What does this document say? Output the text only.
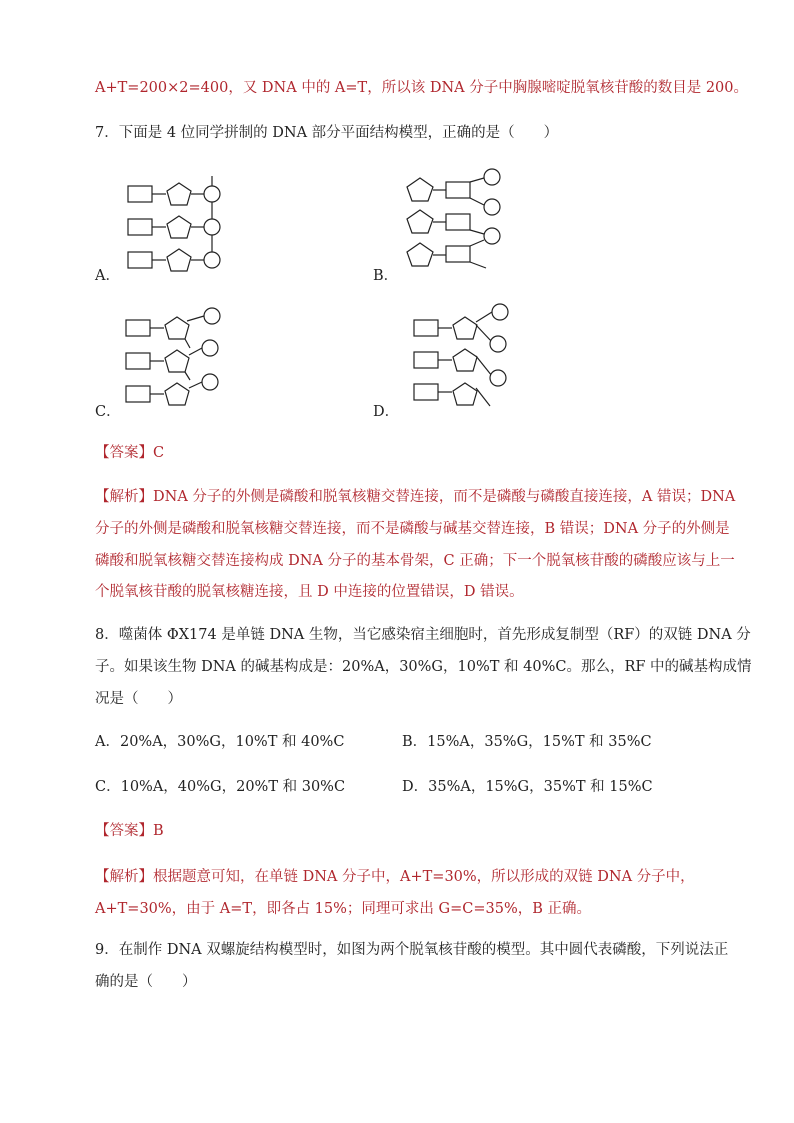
A+T=200×2=400，又 DNA 中的 A=T，所以该 DNA 分子中胸腺嘧啶脱氧核苷酸的数目是 200。
7．下面是 4 位同学拼制的 DNA 部分平面结构模型，正确的是（　　）
A．	B．
C．	D．
【答案】C
【解析】DNA 分子的外侧是磷酸和脱氧核糖交替连接，而不是磷酸与磷酸直接连接，A 错误；DNA
分子的外侧是磷酸和脱氧核糖交替连接，而不是磷酸与碱基交替连接，B 错误；DNA 分子的外侧是
磷酸和脱氧核糖交替连接构成 DNA 分子的基本骨架，C 正确；下一个脱氧核苷酸的磷酸应该与上一
个脱氧核苷酸的脱氧核糖连接，且 D 中连接的位置错误，D 错误。
8．噬菌体 ΦX174 是单链 DNA 生物，当它感染宿主细胞时，首先形成复制型（RF）的双链 DNA 分
子。如果该生物 DNA 的碱基构成是：20%A，30%G，10%T 和 40%C。那么，RF 中的碱基构成情
况是（　　）
A．20%A，30%G，10%T 和 40%C	B．15%A，35%G，15%T 和 35%C
C．10%A，40%G，20%T 和 30%C	D．35%A，15%G，35%T 和 15%C
【答案】B
【解析】根据题意可知，在单链 DNA 分子中，A+T=30%，所以形成的双链 DNA 分子中，
A+T=30%，由于 A=T，即各占 15%；同理可求出 G=C=35%，B 正确。
9．在制作 DNA 双螺旋结构模型时，如图为两个脱氧核苷酸的模型。其中圆代表磷酸，下列说法正
确的是（　　）
